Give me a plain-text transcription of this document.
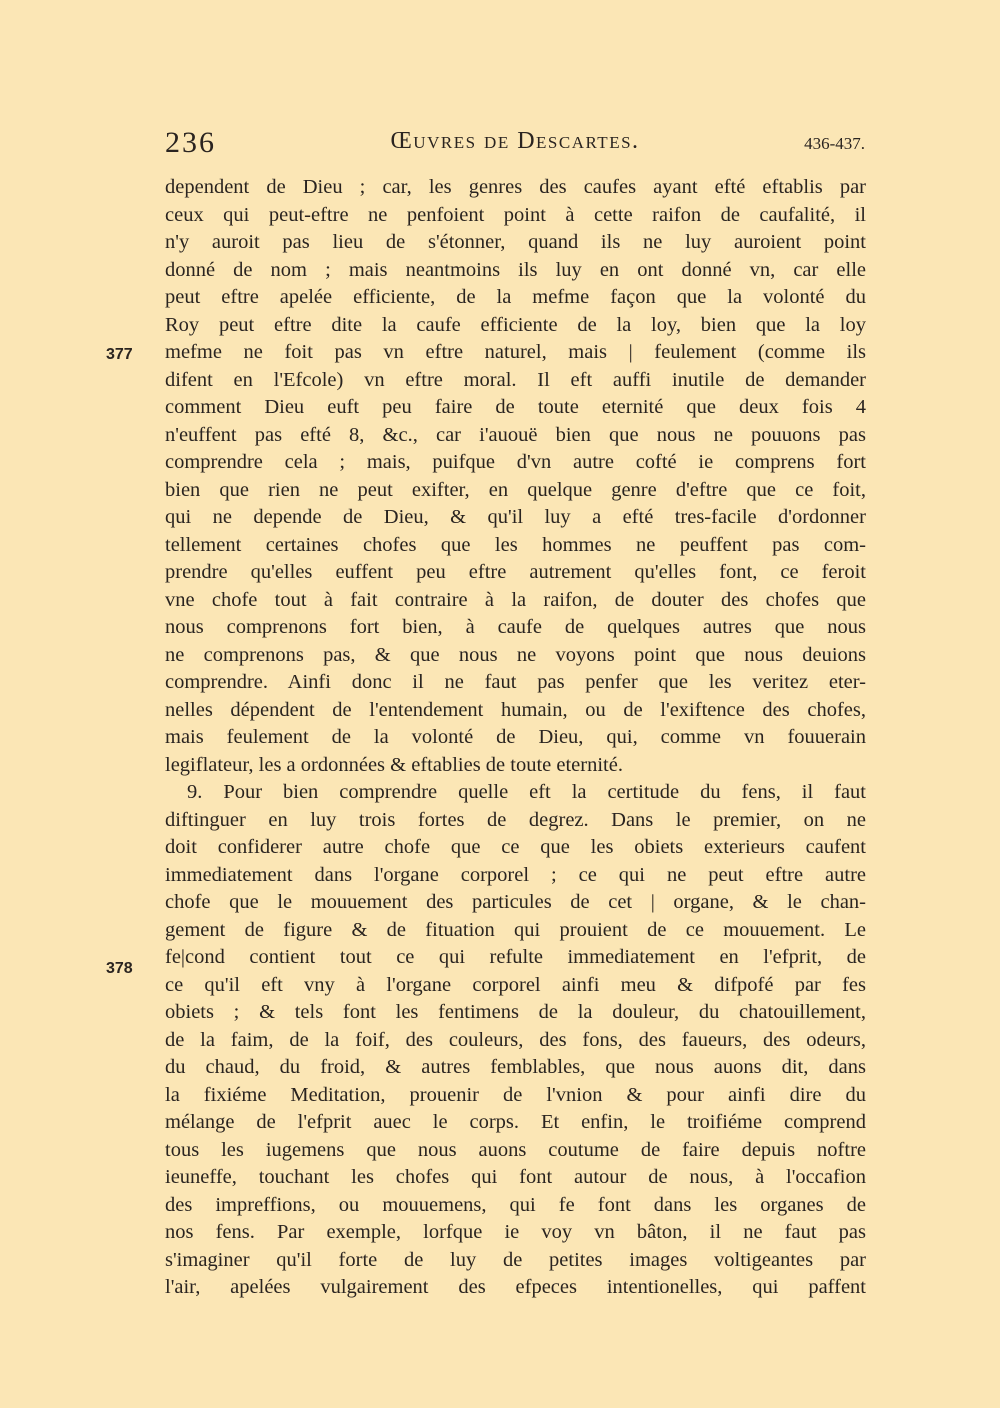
236	Œuvres de Descartes.	436-437.
377
378
dependent de Dieu ; car, les genres des caufes ayant efté eftablis par
ceux qui peut-eftre ne penfoient point à cette raifon de caufalité, il
n'y auroit pas lieu de s'étonner, quand ils ne luy auroient point
donné de nom ; mais neantmoins ils luy en ont donné vn, car elle
peut eftre apelée efficiente, de la mefme façon que la volonté du
Roy peut eftre dite la caufe efficiente de la loy, bien que la loy
mefme ne foit pas vn eftre naturel, mais | feulement (comme ils
difent en l'Efcole) vn eftre moral. Il eft auffi inutile de demander
comment Dieu euft peu faire de toute eternité que deux fois 4
n'euffent pas efté 8, &c., car i'auouë bien que nous ne pouuons pas
comprendre cela ; mais, puifque d'vn autre cofté ie comprens fort
bien que rien ne peut exifter, en quelque genre d'eftre que ce foit,
qui ne depende de Dieu, & qu'il luy a efté tres-facile d'ordonner
tellement certaines chofes que les hommes ne peuffent pas com-
prendre qu'elles euffent peu eftre autrement qu'elles font, ce feroit
vne chofe tout à fait contraire à la raifon, de douter des chofes que
nous comprenons fort bien, à caufe de quelques autres que nous
ne comprenons pas, & que nous ne voyons point que nous deuions
comprendre. Ainfi donc il ne faut pas penfer que les veritez eter-
nelles dépendent de l'entendement humain, ou de l'exiftence des chofes,
mais feulement de la volonté de Dieu, qui, comme vn fouuerain
legiflateur, les a ordonnées & eftablies de toute eternité.
9. Pour bien comprendre quelle eft la certitude du fens, il faut
diftinguer en luy trois fortes de degrez. Dans le premier, on ne
doit confiderer autre chofe que ce que les obiets exterieurs caufent
immediatement dans l'organe corporel ; ce qui ne peut eftre autre
chofe que le mouuement des particules de cet | organe, & le chan-
gement de figure & de fituation qui prouient de ce mouuement. Le
fe|cond contient tout ce qui refulte immediatement en l'efprit, de
ce qu'il eft vny à l'organe corporel ainfi meu & difpofé par fes
obiets ; & tels font les fentimens de la douleur, du chatouillement,
de la faim, de la foif, des couleurs, des fons, des faueurs, des odeurs,
du chaud, du froid, & autres femblables, que nous auons dit, dans
la fixiéme Meditation, prouenir de l'vnion & pour ainfi dire du
mélange de l'efprit auec le corps. Et enfin, le troifiéme comprend
tous les iugemens que nous auons coutume de faire depuis noftre
ieuneffe, touchant les chofes qui font autour de nous, à l'occafion
des impreffions, ou mouuemens, qui fe font dans les organes de
nos fens. Par exemple, lorfque ie voy vn bâton, il ne faut pas
s'imaginer qu'il forte de luy de petites images voltigeantes par
l'air, apelées vulgairement des efpeces intentionelles, qui paffent
